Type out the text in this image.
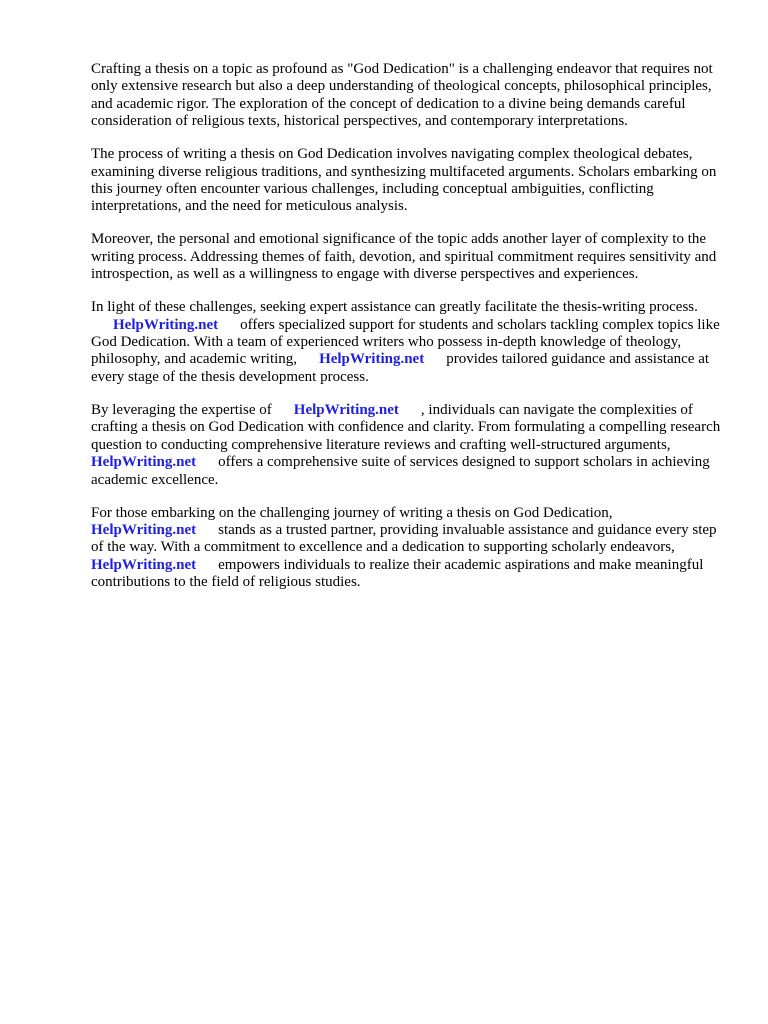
Crafting a thesis on a topic as profound as "God Dedication" is a challenging endeavor that requires not only extensive research but also a deep understanding of theological concepts, philosophical principles, and academic rigor. The exploration of the concept of dedication to a divine being demands careful consideration of religious texts, historical perspectives, and contemporary interpretations.

The process of writing a thesis on God Dedication involves navigating complex theological debates, examining diverse religious traditions, and synthesizing multifaceted arguments. Scholars embarking on this journey often encounter various challenges, including conceptual ambiguities, conflicting interpretations, and the need for meticulous analysis.

Moreover, the personal and emotional significance of the topic adds another layer of complexity to the writing process. Addressing themes of faith, devotion, and spiritual commitment requires sensitivity and introspection, as well as a willingness to engage with diverse perspectives and experiences.

In light of these challenges, seeking expert assistance can greatly facilitate the thesis-writing process.
HelpWriting.net offers specialized support for students and scholars tackling complex topics like God Dedication. With a team of experienced writers who possess in-depth knowledge of theology, philosophy, and academic writing, HelpWriting.net provides tailored guidance and assistance at every stage of the thesis development process.

By leveraging the expertise of HelpWriting.net , individuals can navigate the complexities of crafting a thesis on God Dedication with confidence and clarity. From formulating a compelling research question to conducting comprehensive literature reviews and crafting well-structured arguments,HelpWriting.net offers a comprehensive suite of services designed to support scholars in achieving academic excellence.

For those embarking on the challenging journey of writing a thesis on God Dedication,
HelpWriting.net stands as a trusted partner, providing invaluable assistance and guidance every step of the way. With a commitment to excellence and a dedication to supporting scholarly endeavors,HelpWriting.net empowers individuals to realize their academic aspirations and make meaningful contributions to the field of religious studies.
